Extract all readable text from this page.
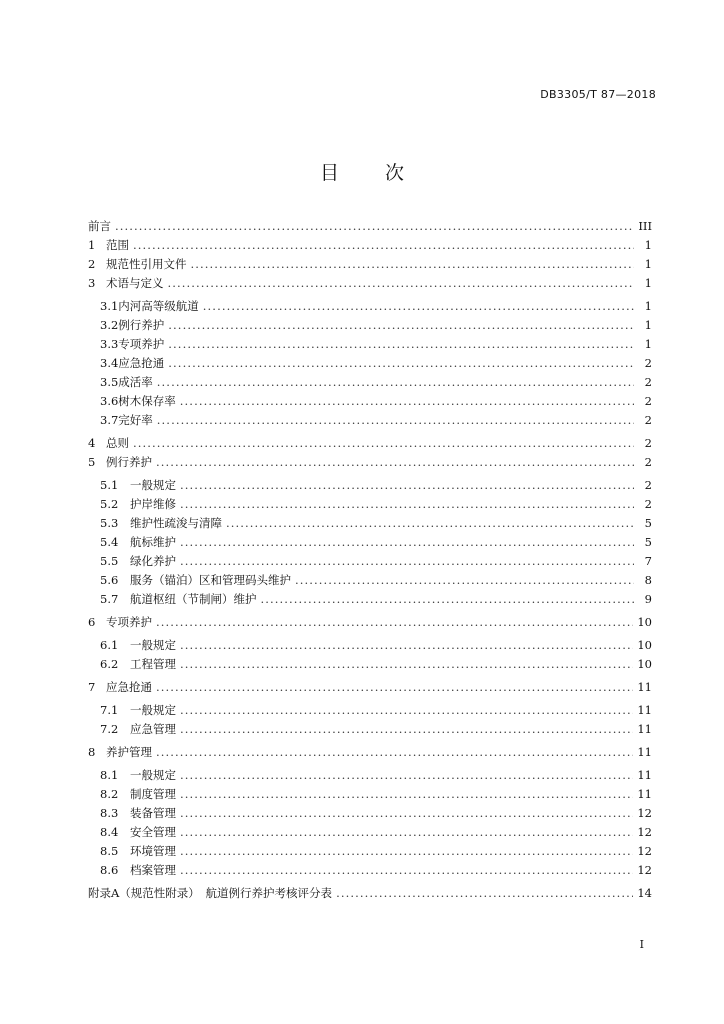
DB3305/T 87—2018
目 次
前言 .....	III
1 范围 .....	1
2 规范性引用文件 .....	1
3 术语与定义 .....	1
3.1内河高等级航道 .....	1
3.2例行养护 .....	1
3.3专项养护 .....	1
3.4应急抢通 .....	2
3.5成活率 .....	2
3.6树木保存率 .....	2
3.7完好率 .....	2
4 总则 .....	2
5 例行养护 .....	2
5.1 一般规定 .....	2
5.2 护岸维修 .....	2
5.3 维护性疏浚与清障 .....	5
5.4 航标维护 .....	5
5.5 绿化养护 .....	7
5.6 服务（锚泊）区和管理码头维护 .....	8
5.7 航道枢纽（节制闸）维护 .....	9
6 专项养护 .....	10
6.1 一般规定 .....	10
6.2 工程管理 .....	10
7 应急抢通 .....	11
7.1 一般规定 .....	11
7.2 应急管理 .....	11
8 养护管理 .....	11
8.1 一般规定 .....	11
8.2 制度管理 .....	11
8.3 装备管理 .....	12
8.4 安全管理 .....	12
8.5 环境管理 .....	12
8.6 档案管理 .....	12
附录A（规范性附录）　航道例行养护考核评分表 .....	14
I
